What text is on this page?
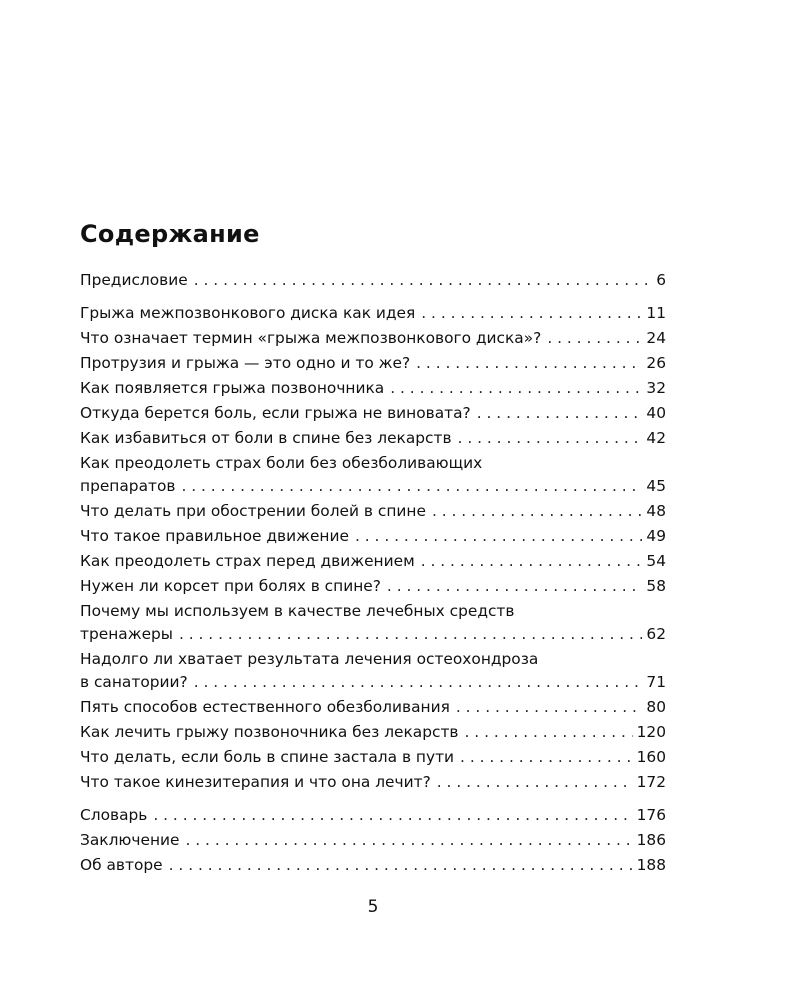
Содержание
Предисловие . . .	6
Грыжа межпозвонкового диска как идея . . .	11
Что означает термин «грыжа межпозвонкового диска»? . . .	24
Протрузия и грыжа — это одно и то же? . . .	26
Как появляется грыжа позвоночника . . .	32
Откуда берется боль, если грыжа не виновата? . . .	40
Как избавиться от боли в спине без лекарств . . .	42
Как преодолеть страх боли без обезболивающих
препаратов . . .	45
Что делать при обострении болей в спине . . .	48
Что такое правильное движение . . .	49
Как преодолеть страх перед движением . . .	54
Нужен ли корсет при болях в спине? . . .	58
Почему мы используем в качестве лечебных средств
тренажеры . . .	62
Надолго ли хватает результата лечения остеохондроза
в санатории? . . .	71
Пять способов естественного обезболивания . . .	80
Как лечить грыжу позвоночника без лекарств . . .	120
Что делать, если боль в спине застала в пути . . .	160
Что такое кинезитерапия и что она лечит? . . .	172
Словарь . . .	176
Заключение . . .	186
Об авторе . . .	188
5
